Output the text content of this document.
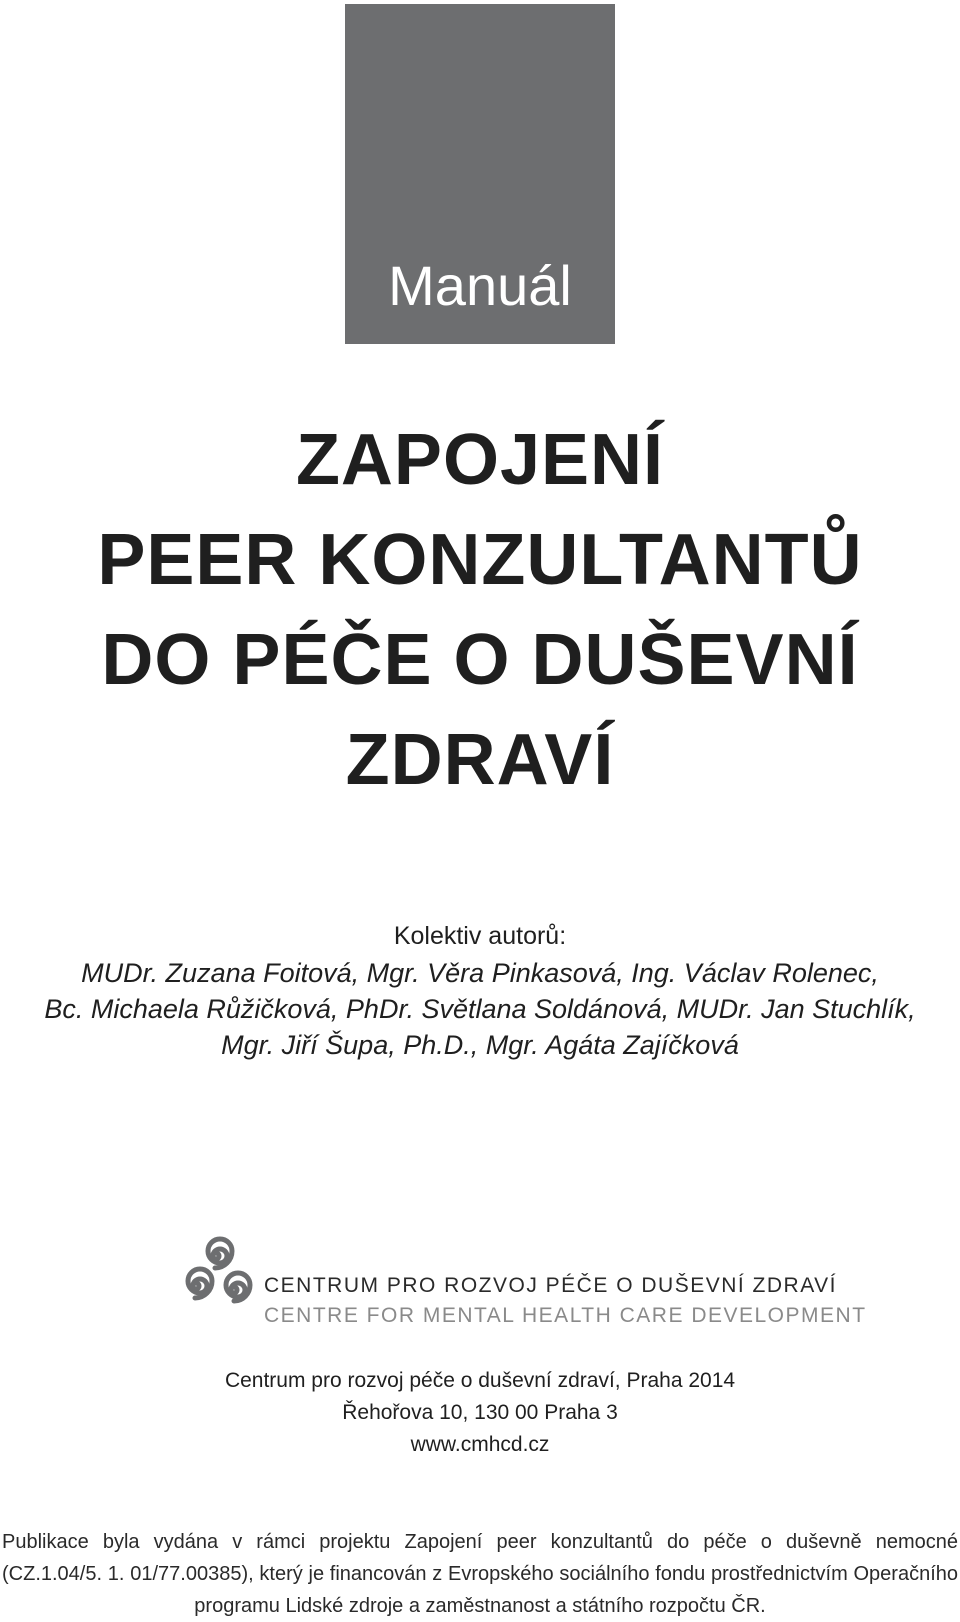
Manuál
ZAPOJENÍ
PEER KONZULTANTŮ
DO PÉČE O DUŠEVNÍ
ZDRAVÍ
Kolektiv autorů:
MUDr. Zuzana Foitová, Mgr. Věra Pinkasová, Ing. Václav Rolenec,
Bc. Michaela Růžičková, PhDr. Světlana Soldánová, MUDr. Jan Stuchlík,
Mgr. Jiří Šupa, Ph.D., Mgr. Agáta Zajíčková
CENTRUM PRO ROZVOJ PÉČE O DUŠEVNÍ ZDRAVÍ
CENTRE FOR MENTAL HEALTH CARE DEVELOPMENT
Centrum pro rozvoj péče o duševní zdraví, Praha 2014
Řehořova 10, 130 00 Praha 3
www.cmhcd.cz
Publikace byla vydána v rámci projektu Zapojení peer konzultantů do péče o duševně nemocné
(CZ.1.04/5. 1. 01/77.00385), který je financován z Evropského sociálního fondu prostřednictvím Operačního
programu Lidské zdroje a zaměstnanost a státního rozpočtu ČR.
